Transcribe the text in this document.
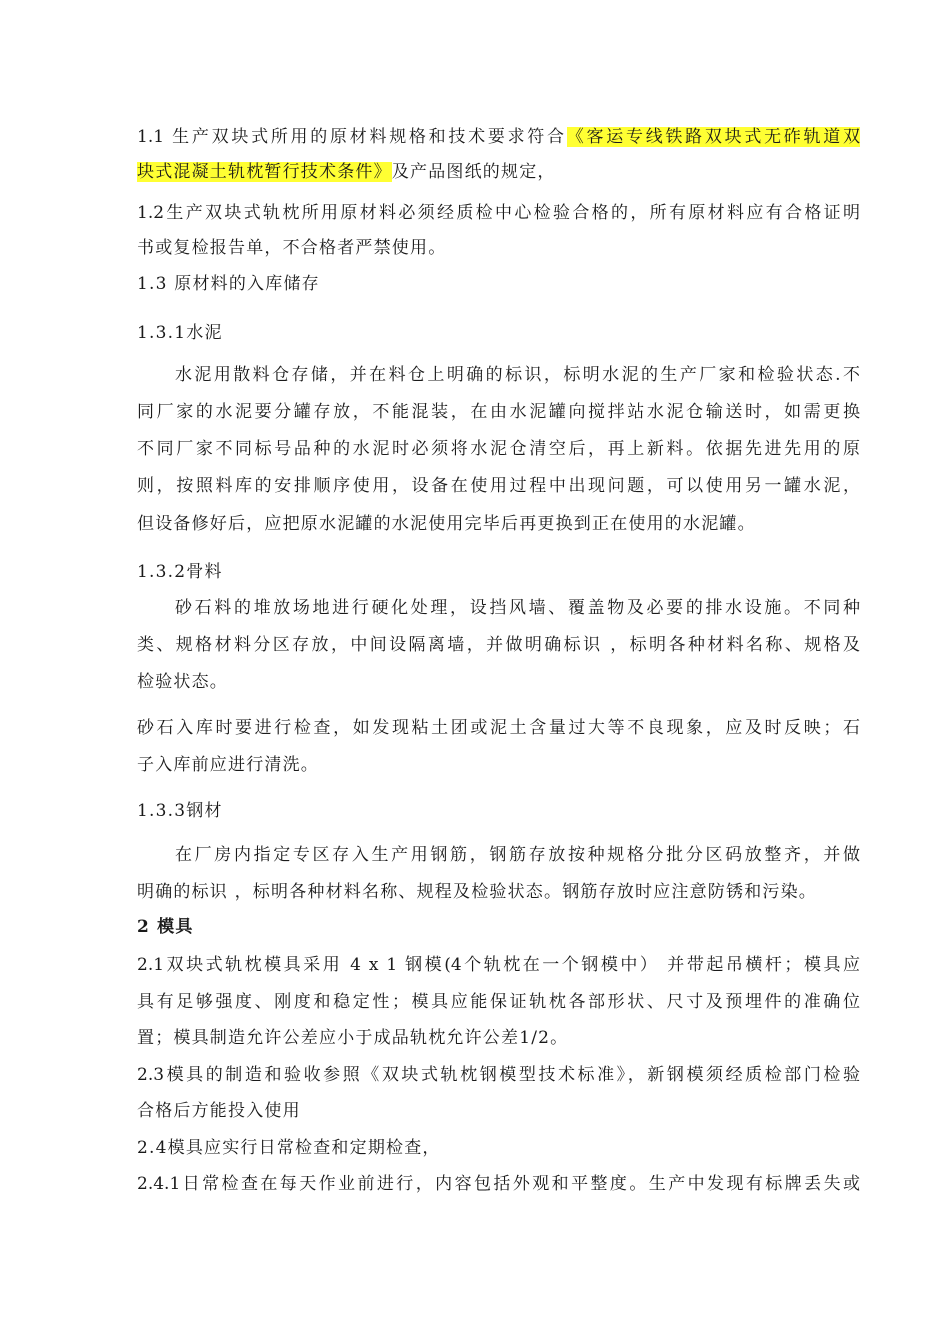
1.1 生产双块式所用的原材料规格和技术要求符合《客运专线铁路双块式无砟轨道双
块式混凝土轨枕暂行技术条件》及产品图纸的规定，
1.2生产双块式轨枕所用原材料必须经质检中心检验合格的，所有原材料应有合格证明
书或复检报告单，不合格者严禁使用。
1.3 原材料的入库储存
1.3.1水泥
水泥用散料仓存储，并在料仓上明确的标识，标明水泥的生产厂家和检验状态.不
同厂家的水泥要分罐存放，不能混装，在由水泥罐向搅拌站水泥仓输送时，如需更换
不同厂家不同标号品种的水泥时必须将水泥仓清空后，再上新料。依据先进先用的原
则，按照料库的安排顺序使用，设备在使用过程中出现问题，可以使用另一罐水泥，
但设备修好后，应把原水泥罐的水泥使用完毕后再更换到正在使用的水泥罐。
1.3.2骨料
砂石料的堆放场地进行硬化处理，设挡风墙、覆盖物及必要的排水设施。不同种
类、规格材料分区存放，中间设隔离墙，并做明确标识 ，标明各种材料名称、规格及
检验状态。
砂石入库时要进行检查，如发现粘土团或泥土含量过大等不良现象，应及时反映；石
子入库前应进行清洗。
1.3.3钢材
在厂房内指定专区存入生产用钢筋，钢筋存放按种规格分批分区码放整齐，并做
明确的标识 ，标明各种材料名称、规程及检验状态。钢筋存放时应注意防锈和污染。
2 模具
2.1双块式轨枕模具采用 4 x 1 钢模(4个轨枕在一个钢模中） 并带起吊横杆；模具应
具有足够强度、刚度和稳定性；模具应能保证轨枕各部形状、尺寸及预埋件的准确位
置；模具制造允许公差应小于成品轨枕允许公差1/2。
2.3模具的制造和验收参照《双块式轨枕钢模型技术标准》，新钢模须经质检部门检验
合格后方能投入使用
2.4模具应实行日常检查和定期检查，
2.4.1日常检查在每天作业前进行，内容包括外观和平整度。生产中发现有标牌丢失或
